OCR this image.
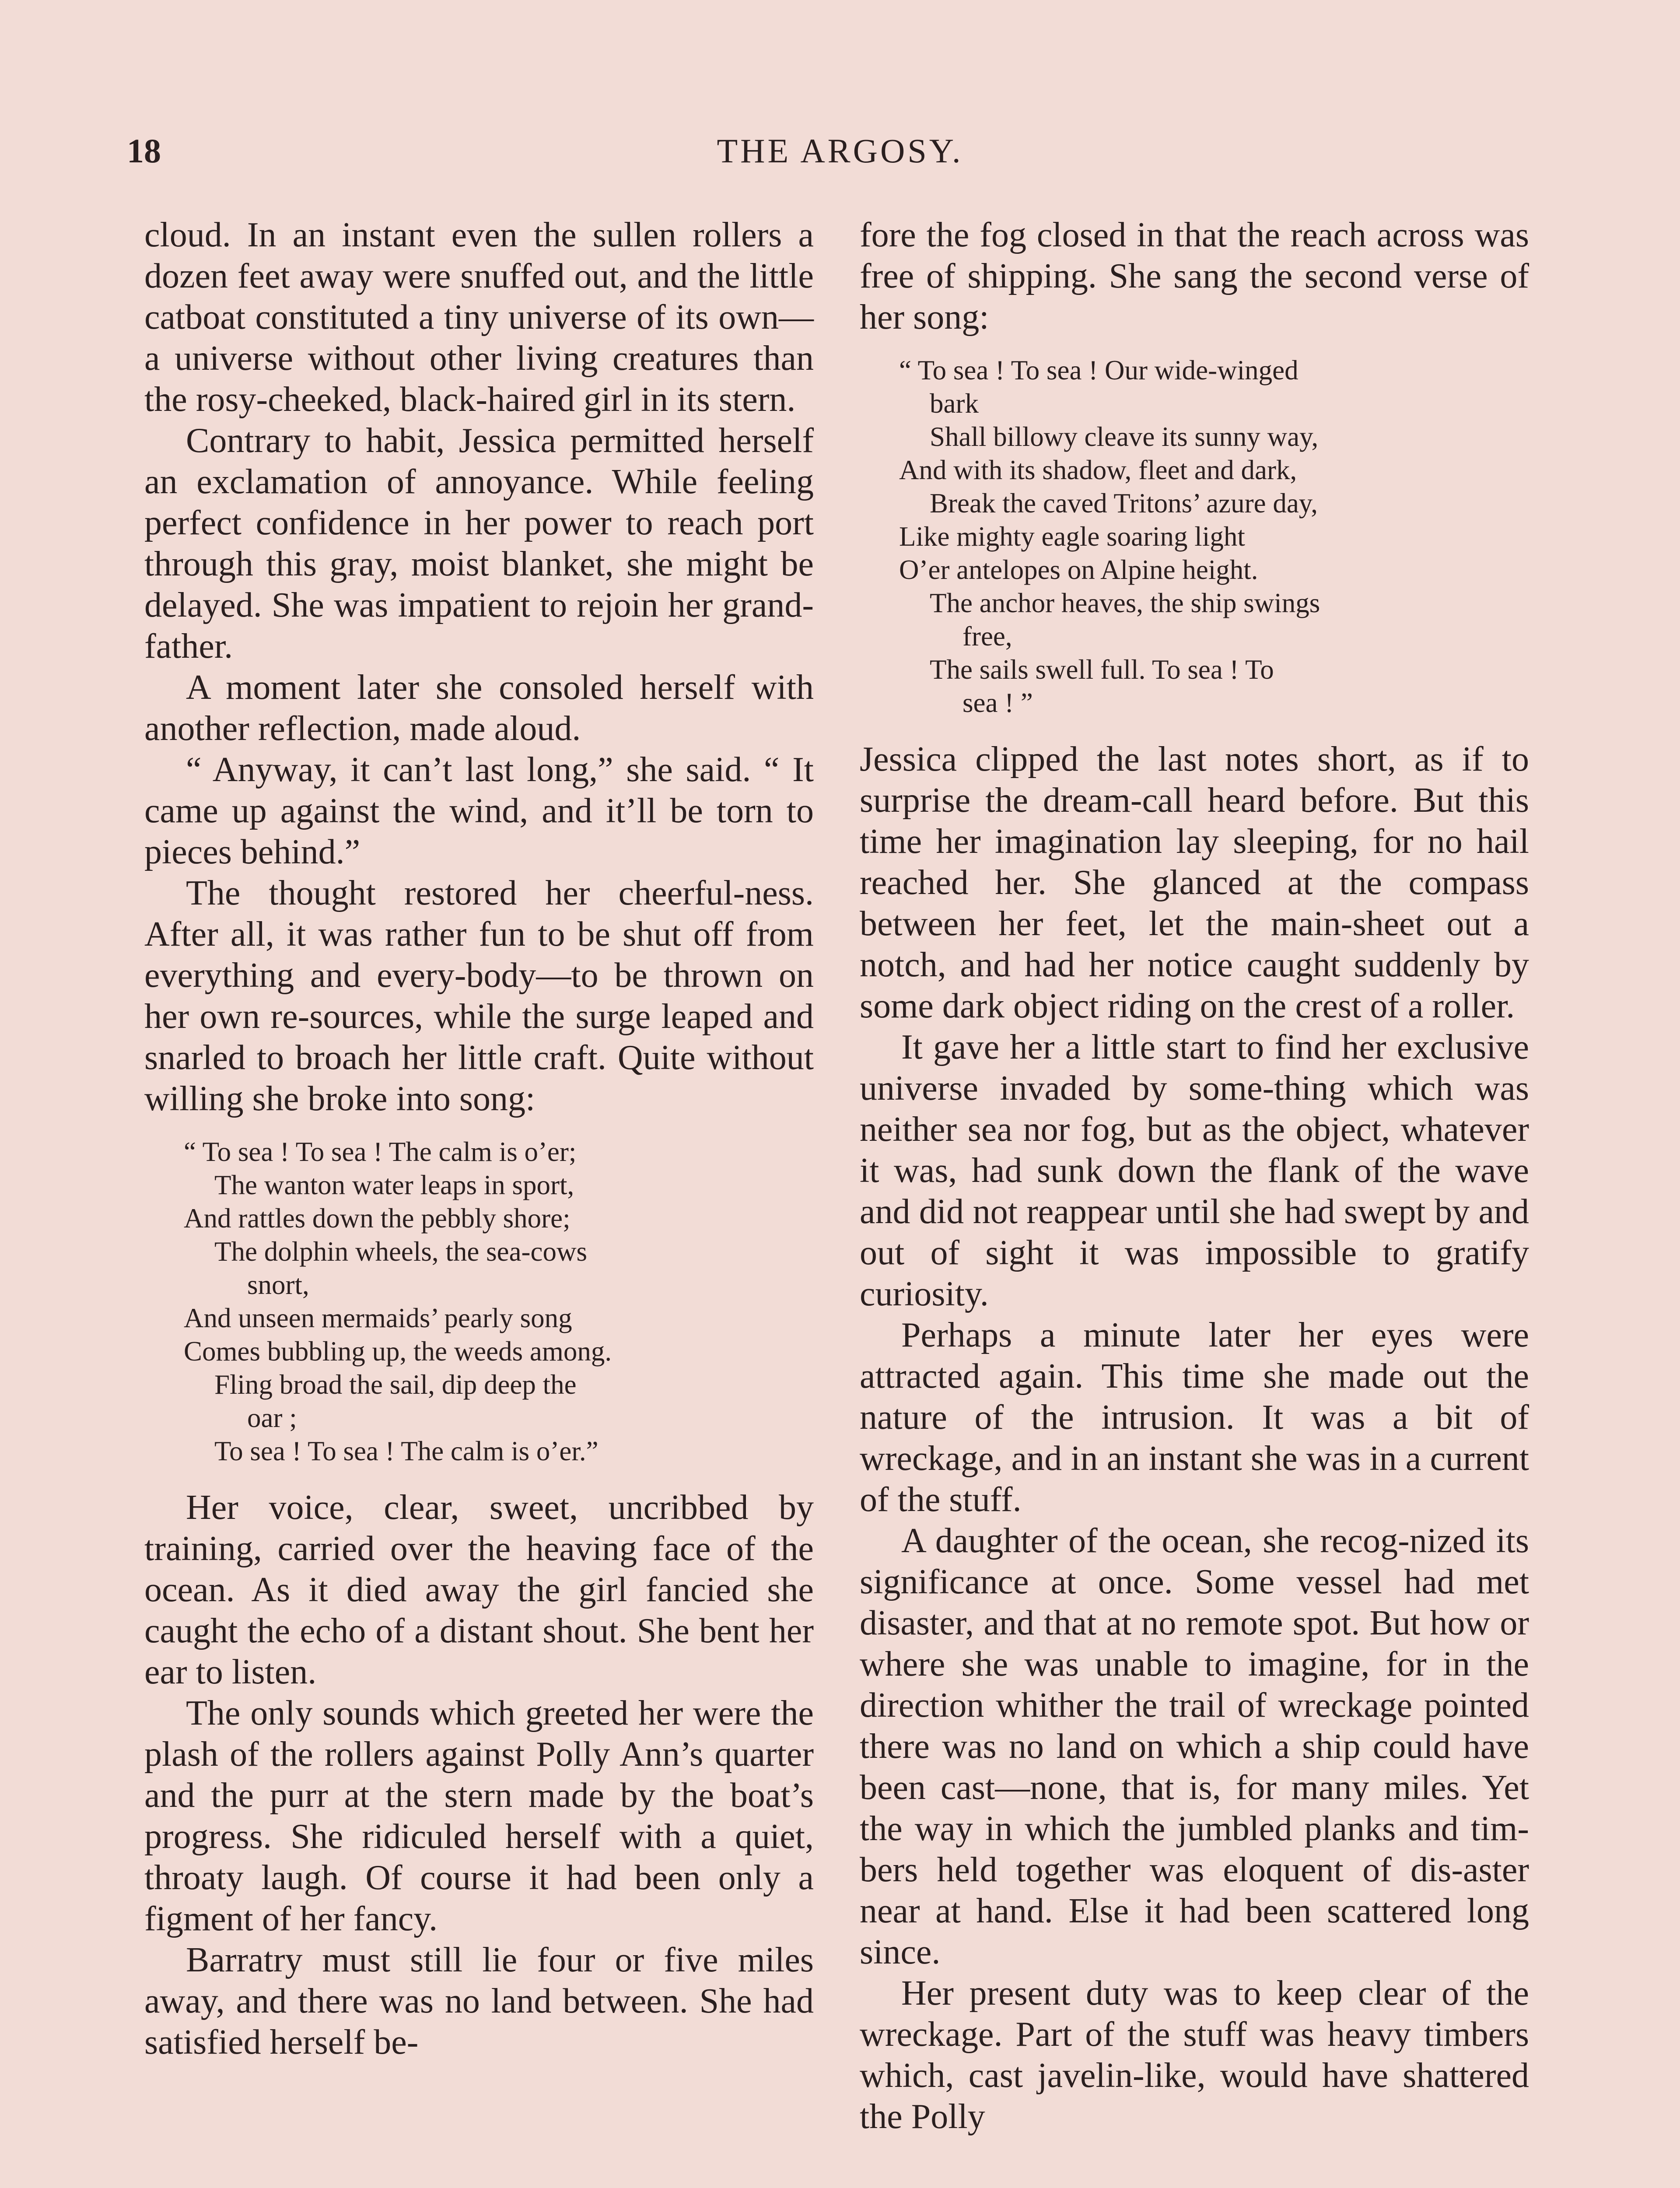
18	THE ARGOSY.

cloud. In an instant even the sullen rollers a dozen feet away were snuffed out, and the little catboat constituted a tiny universe of its own—a universe without other living creatures than the rosy-cheeked, black-haired girl in its stern.

Contrary to habit, Jessica permitted herself an exclamation of annoyance. While feeling perfect confidence in her power to reach port through this gray, moist blanket, she might be delayed. She was impatient to rejoin her grand-father.

A moment later she consoled herself with another reflection, made aloud.

“ Anyway, it can’t last long,” she said. “ It came up against the wind, and it’ll be torn to pieces behind.”

The thought restored her cheerful-ness. After all, it was rather fun to be shut off from everything and every-body—to be thrown on her own re-sources, while the surge leaped and snarled to broach her little craft. Quite without willing she broke into song:

“ To sea ! To sea ! The calm is o’er;
The wanton water leaps in sport,
And rattles down the pebbly shore;
The dolphin wheels, the sea-cows
snort,
And unseen mermaids’ pearly song
Comes bubbling up, the weeds among.
Fling broad the sail, dip deep the
oar ;
To sea ! To sea ! The calm is o’er.”

Her voice, clear, sweet, uncribbed by training, carried over the heaving face of the ocean. As it died away the girl fancied she caught the echo of a distant shout. She bent her ear to listen.

The only sounds which greeted her were the plash of the rollers against Polly Ann’s quarter and the purr at the stern made by the boat’s progress. She ridiculed herself with a quiet, throaty laugh. Of course it had been only a figment of her fancy.

Barratry must still lie four or five miles away, and there was no land between. She had satisfied herself be-

fore the fog closed in that the reach across was free of shipping. She sang the second verse of her song:

“ To sea ! To sea ! Our wide-winged
bark
Shall billowy cleave its sunny way,
And with its shadow, fleet and dark,
Break the caved Tritons’ azure day,
Like mighty eagle soaring light
O’er antelopes on Alpine height.
The anchor heaves, the ship swings
free,
The sails swell full. To sea ! To
sea ! ”

Jessica clipped the last notes short, as if to surprise the dream-call heard before. But this time her imagination lay sleeping, for no hail reached her. She glanced at the compass between her feet, let the main-sheet out a notch, and had her notice caught suddenly by some dark object riding on the crest of a roller.

It gave her a little start to find her exclusive universe invaded by some-thing which was neither sea nor fog, but as the object, whatever it was, had sunk down the flank of the wave and did not reappear until she had swept by and out of sight it was impossible to gratify curiosity.

Perhaps a minute later her eyes were attracted again. This time she made out the nature of the intrusion. It was a bit of wreckage, and in an instant she was in a current of the stuff.

A daughter of the ocean, she recog-nized its significance at once. Some vessel had met disaster, and that at no remote spot. But how or where she was unable to imagine, for in the direction whither the trail of wreckage pointed there was no land on which a ship could have been cast—none, that is, for many miles. Yet the way in which the jumbled planks and tim-bers held together was eloquent of dis-aster near at hand. Else it had been scattered long since.

Her present duty was to keep clear of the wreckage. Part of the stuff was heavy timbers which, cast javelin-like, would have shattered the Polly
